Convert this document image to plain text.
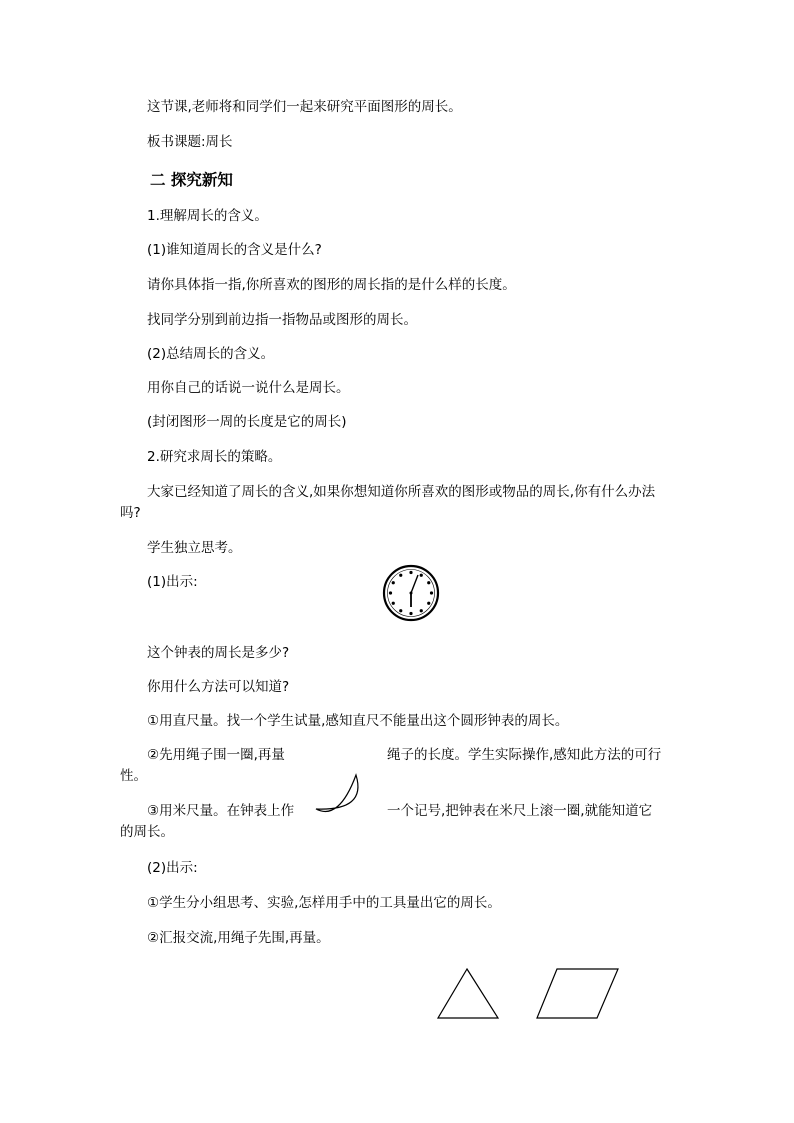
这节课,老师将和同学们一起来研究平面图形的周长。
板书课题:周长
二 探究新知
1.理解周长的含义。
(1)谁知道周长的含义是什么?
请你具体指一指,你所喜欢的图形的周长指的是什么样的长度。
找同学分别到前边指一指物品或图形的周长。
(2)总结周长的含义。
用你自己的话说一说什么是周长。
(封闭图形一周的长度是它的周长)
2.研究求周长的策略。
大家已经知道了周长的含义,如果你想知道你所喜欢的图形或物品的周长,你有什么办法
吗?
学生独立思考。
(1)出示:
这个钟表的周长是多少?
你用什么方法可以知道?
①用直尺量。找一个学生试量,感知直尺不能量出这个圆形钟表的周长。
②先用绳子围一圈,再量	绳子的长度。学生实际操作,感知此方法的可行
性。
③用米尺量。在钟表上作	一个记号,把钟表在米尺上滚一圈,就能知道它
的周长。
(2)出示:
①学生分小组思考、实验,怎样用手中的工具量出它的周长。
②汇报交流,用绳子先围,再量。
